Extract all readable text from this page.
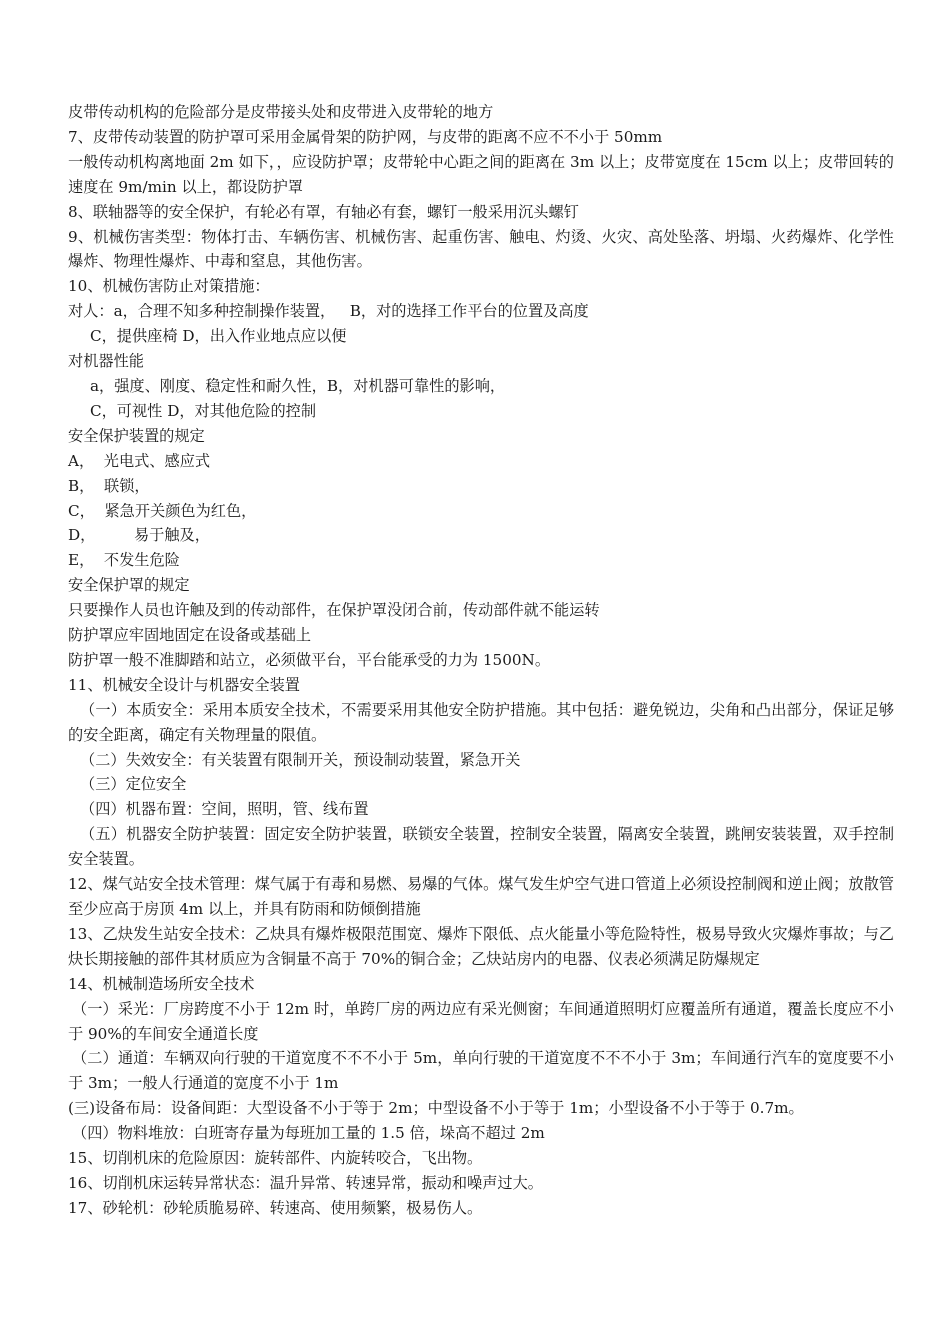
皮带传动机构的危险部分是皮带接头处和皮带进入皮带轮的地方
7、皮带传动装置的防护罩可采用金属骨架的防护网，与皮带的距离不应不不小于 50mm
一般传动机构离地面 2m 如下，，应设防护罩；皮带轮中心距之间的距离在 3m 以上；皮带宽度在 15cm 以上；皮带回转的速度在 9m/min 以上，都设防护罩
8、联轴器等的安全保护，有轮必有罩，有轴必有套，螺钉一般采用沉头螺钉
9、机械伤害类型：物体打击、车辆伤害、机械伤害、起重伤害、触电、灼烫、火灾、高处坠落、坍塌、火药爆炸、化学性爆炸、物理性爆炸、中毒和窒息，其他伤害。
10、机械伤害防止对策措施：
对人：a，合理不知多种控制操作装置，   B，对的选择工作平台的位置及高度
C，提供座椅 D，出入作业地点应以便
对机器性能
a，强度、刚度、稳定性和耐久性，B，对机器可靠性的影响，
C，可视性 D，对其他危险的控制
安全保护装置的规定
A，  光电式、感应式
B，  联锁，
C，  紧急开关颜色为红色，
D，        易于触及，
E，  不发生危险
安全保护罩的规定
只要操作人员也许触及到的传动部件，在保护罩没闭合前，传动部件就不能运转
防护罩应牢固地固定在设备或基础上
防护罩一般不准脚踏和站立，必须做平台，平台能承受的力为 1500N。
11、机械安全设计与机器安全装置
（一）本质安全：采用本质安全技术，不需要采用其他安全防护措施。其中包括：避免锐边，尖角和凸出部分，保证足够的安全距离，确定有关物理量的限值。
（二）失效安全：有关装置有限制开关，预设制动装置，紧急开关
（三）定位安全
（四）机器布置：空间，照明，管、线布置
（五）机器安全防护装置：固定安全防护装置，联锁安全装置，控制安全装置，隔离安全装置，跳闸安装装置，双手控制安全装置。
12、煤气站安全技术管理：煤气属于有毒和易燃、易爆的气体。煤气发生炉空气进口管道上必须设控制阀和逆止阀；放散管至少应高于房顶 4m 以上，并具有防雨和防倾倒措施
13、乙炔发生站安全技术：乙炔具有爆炸极限范围宽、爆炸下限低、点火能量小等危险特性，极易导致火灾爆炸事故；与乙炔长期接触的部件其材质应为含铜量不高于 70%的铜合金；乙炔站房内的电器、仪表必须满足防爆规定
14、机械制造场所安全技术
（一）采光：厂房跨度不小于 12m 时，单跨厂房的两边应有采光侧窗；车间通道照明灯应覆盖所有通道，覆盖长度应不小于 90%的车间安全通道长度
（二）通道：车辆双向行驶的干道宽度不不不小于 5m，单向行驶的干道宽度不不不小于 3m；车间通行汽车的宽度要不小于 3m；一般人行通道的宽度不小于 1m
(三)设备布局：设备间距：大型设备不小于等于 2m；中型设备不小于等于 1m；小型设备不小于等于 0.7m。
（四）物料堆放：白班寄存量为每班加工量的 1.5 倍，垛高不超过 2m
15、切削机床的危险原因：旋转部件、内旋转咬合，飞出物。
16、切削机床运转异常状态：温升异常、转速异常，振动和噪声过大。
17、砂轮机：砂轮质脆易碎、转速高、使用频繁，极易伤人。
